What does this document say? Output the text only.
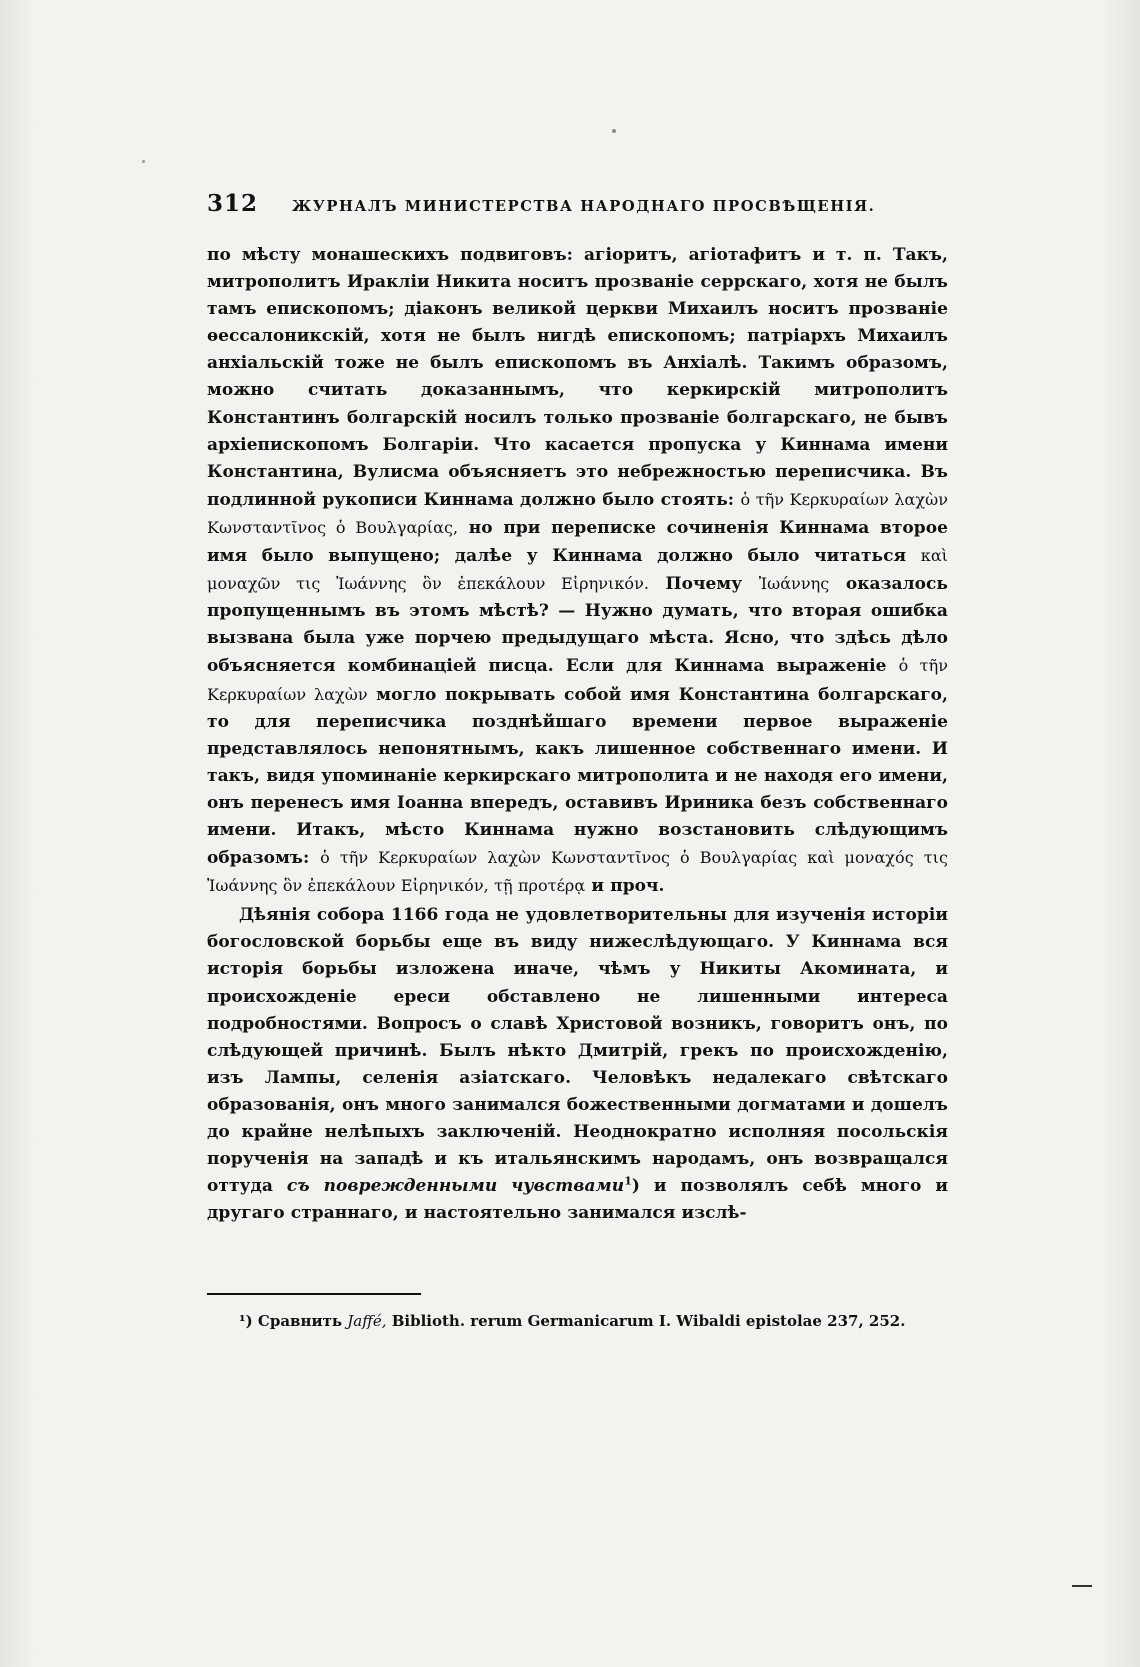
312 ЖУРНАЛЪ МИНИСТЕРСТВА НАРОДНАГО ПРОСВѢЩЕНІЯ.

по мѣсту монашескихъ подвиговъ: агіоритъ, агіотафитъ и т. п. Такъ, митрополитъ Ираклiи Никита носитъ прозваніе серрскаго, хотя не былъ тамъ епископомъ; діаконъ великой церкви Михаилъ носитъ прозваніе ѳессалоникскій, хотя не былъ нигдѣ епископомъ; патріархъ Михаилъ анхіальскій тоже не былъ епископомъ въ Анхіалѣ. Такимъ образомъ, можно считать доказаннымъ, что керкирскій митрополитъ Константинъ болгарскій носилъ только прозваніе болгарскаго, не бывъ архіепископомъ Болгаріи. Что касается пропуска у Киннама имени Константина, Вулисма объясняетъ это небрежностью переписчика. Въ подлинной рукописи Киннама должно было стоять: ὁ τῆν Κερκυραίων λαχὼν Κωνσταντῖνος ὁ Βουλγαρίας, но при переписке сочиненія Киннама второе имя было выпущено; далѣе у Киннама должно было читаться καὶ μοναχῶν τις Ἰωάννης ὃν ἐπεκάλουν Εἰρηνικόν. Почему Ἰωάννης оказалось пропущеннымъ въ этомъ мѣстѣ? — Нужно думать, что вторая ошибка вызвана была уже порчею предыдущаго мѣста. Ясно, что здѣсь дѣло объясняется комбинаціей писца. Если для Киннама выраженіе ὁ τῆν Κερκυραίων λαχὼν могло покрывать собой имя Константина болгарскаго, то для переписчика позднѣйшаго времени первое выраженіе представлялось непонятнымъ, какъ лишенное собственнаго имени. И такъ, видя упоминаніе керкирскаго митрополита и не находя его имени, онъ перенесъ имя Іоанна впередъ, оставивъ Ириника безъ собственнаго имени. Итакъ, мѣсто Киннама нужно возстановить слѣдующимъ образомъ: ὁ τῆν Κερκυραίων λαχὼν Κωνσταντῖνος ὁ Βουλγαρίας καὶ μοναχός τις Ἰωάννης ὃν ἐπεκάλουν Εἰρηνικόν, τῇ προτέρᾳ и проч.

Дѣянія собора 1166 года не удовлетворительны для изученія исторіи богословской борьбы еще въ виду нижеслѣдующаго. У Киннама вся исторія борьбы изложена иначе, чѣмъ у Никиты Акомината, и происхожденіе ереси обставлено не лишенными интереса подробностями. Вопросъ о славѣ Христовой возникъ, говоритъ онъ, по слѣдующей причинѣ. Былъ нѣкто Дмитрій, грекъ по происхожденію, изъ Лампы, селенія азіатскаго. Человѣкъ недалекаго свѣтскаго образованія, онъ много занимался божественными догматами и дошелъ до крайне нелѣпыхъ заключеній. Неоднократно исполняя посольскія порученія на западѣ и къ итальянскимъ народамъ, онъ возвращался оттуда съ поврежденными чувствами$^1$) и позволялъ себѣ много и другаго страннаго, и настоятельно занимался изслѣ-

¹) Сравнить Jaffé, Biblioth. rerum Germanicarum I. Wibaldi epistolae 237, 252.
